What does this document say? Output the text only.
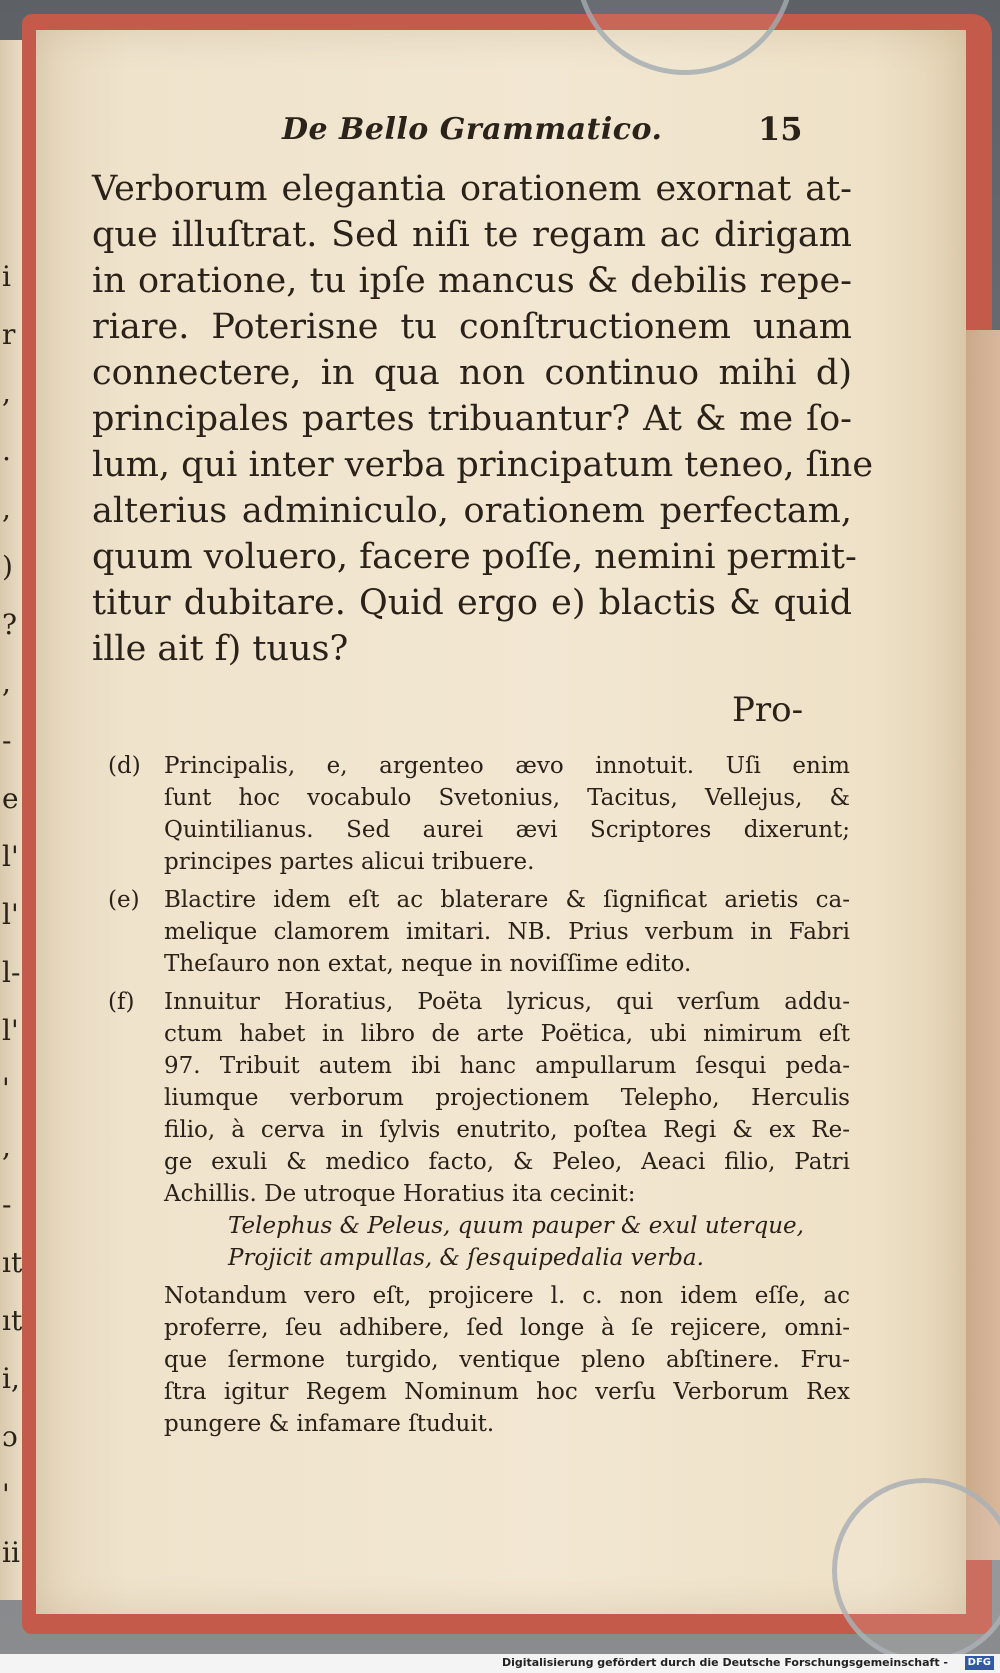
i
r
,
.
,
)
?
,
-
e
l'
l'
l-
l'
'
,
-
ıt
ıt
i,
ɔ
'
ii
De Bello Grammatico.	15
Verborum elegantia orationem exornat at-
que illuſtrat. Sed niſi te regam ac dirigam
in oratione, tu ipſe mancus & debilis repe-
riare. Poterisne tu conſtructionem unam
connectere, in qua non continuo mihi d)
principales partes tribuantur? At & me ſo-
lum, qui inter verba principatum teneo, ſine
alterius adminiculo, orationem perfectam,
quum voluero, facere poſſe, nemini permit-
titur dubitare. Quid ergo e) blactis & quid
ille ait f) tuus?
Pro-
(d) Principalis, e, argenteo ævo innotuit. Uſi enim
ſunt hoc vocabulo Svetonius, Tacitus, Vellejus, &
Quintilianus. Sed aurei ævi Scriptores dixerunt;
principes partes alicui tribuere.
(e) Blactire idem eſt ac blaterare & ſignificat arietis ca-
melique clamorem imitari. NB. Prius verbum in Fabri
Theſauro non extat, neque in noviſſime edito.
(f) Innuitur Horatius, Poëta lyricus, qui verſum addu-
ctum habet in libro de arte Poëtica, ubi nimirum eſt
97. Tribuit autem ibi hanc ampullarum ſesqui peda-
liumque verborum projectionem Telepho, Herculis
filio, à cerva in ſylvis enutrito, poſtea Regi & ex Re-
ge exuli & medico facto, & Peleo, Aeaci filio, Patri
Achillis. De utroque Horatius ita cecinit:
Telephus & Peleus, quum pauper & exul uterque,
Projicit ampullas, & ſesquipedalia verba.
Notandum vero eſt, projicere l. c. non idem eſſe, ac
proferre, ſeu adhibere, ſed longe à ſe rejicere, omni-
que ſermone turgido, ventique pleno abſtinere. Fru-
ſtra igitur Regem Nominum hoc verſu Verborum Rex
pungere & infamare ſtuduit.
Digitalisierung gefördert durch die Deutsche Forschungsgemeinschaft -	DFG
